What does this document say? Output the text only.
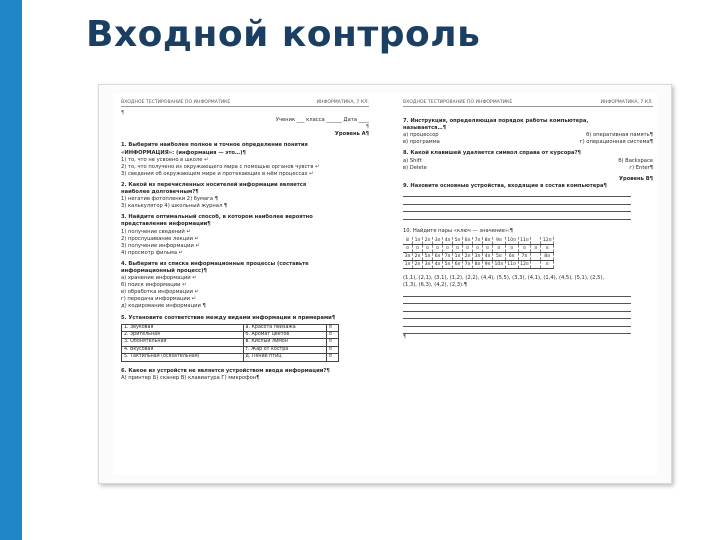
Входной контроль
ВХОДНОЕ ТЕСТИРОВАНИЕ ПО ИНФОРМАТИКЕ	ИНФОРМАТИКА, 7 КЛ.
¶
Ученик ___ класса ______ Дата ____
¶
Уровень A¶
1. Выберите наиболее полное и точное определение понятия
«ИНФОРМАЦИЯ»: (информация — это…)¶
1) то, что не усвоено в школе ↵
2) то, что получено из окружающего мира с помощью органов чувств ↵
3) сведения об окружающем мире и протекающих в нём процессах ↵
2. Какой из перечисленных носителей информации является
наиболее долговечным?¶
1) негатив фотопленки 2) бумага ¶
3) калькулятор 4) школьный журнал ¶
3. Найдите оптимальный способ, в котором наиболее вероятно
представление информации¶
1) получение сведений ↵
2) прослушивание лекции ↵
3) получение информации ↵
4) просмотр фильма ↵
4. Выберите из списка информационные процессы (составьте
информационный процесс)¶
а) хранение информации ↵
б) поиск информации ↵
в) обработка информации ↵
г) передача информации ↵
д) кодирование информации ¶
5. Установите соответствие между видами информации и примерами¶
1. Звуковая	а. Красота пейзажа	¤
2. Зрительная	б. Аромат цветов	¤
3. Обонятельная	в. Кислый лимон	¤
4. Вкусовая	г. Жар от костра	¤
5. Тактильная (осязательная)	д. Пение птиц	¤
6. Какое из устройств не является устройством ввода информации?¶
А) принтер Б) сканер В) клавиатура Г) микрофон¶
ВХОДНОЕ ТЕСТИРОВАНИЕ ПО ИНФОРМАТИКЕ	ИНФОРМАТИКА, 7 КЛ.
7. Инструкция, определяющая порядок работы компьютера,
называется…¶
а) процессор	б) оперативная память¶
в) программа	г) операционная система¶
8. Какой клавишей удаляется символ справа от курсора?¶
а) Shift	б) Backspace
в) Delete	г) Enter¶
Уровень B¶
9. Назовите основные устройства, входящие в состав компьютера¶
10. Найдите пары «ключ — значение»:¶
8	1¤	2¤	3¤	4¤	5¤	6¤	7¤	8¤	9¤	10¤	11¤		12¤
¤	¤	¤	¤	¤	¤	¤	¤	¤	¤	¤	¤	¤	¤
3¤	2¤	5¤	6¤	7¤	1¤	2¤	3¤	4¤	5¤	6¤	7¤		8¤
1¤	2¤	3¤	4¤	5¤	6¤	7¤	8¤	9¤	10¤	11¤	12¤		¤
(1,1), (2,1), (3,1), (1,2), (2,2), (4,4), (5,5), (3,3), (4,1), (1,4), (4,5), (5,1), (2,5),
(1,3), (6,3), (4,2), (2,3).¶
¶
